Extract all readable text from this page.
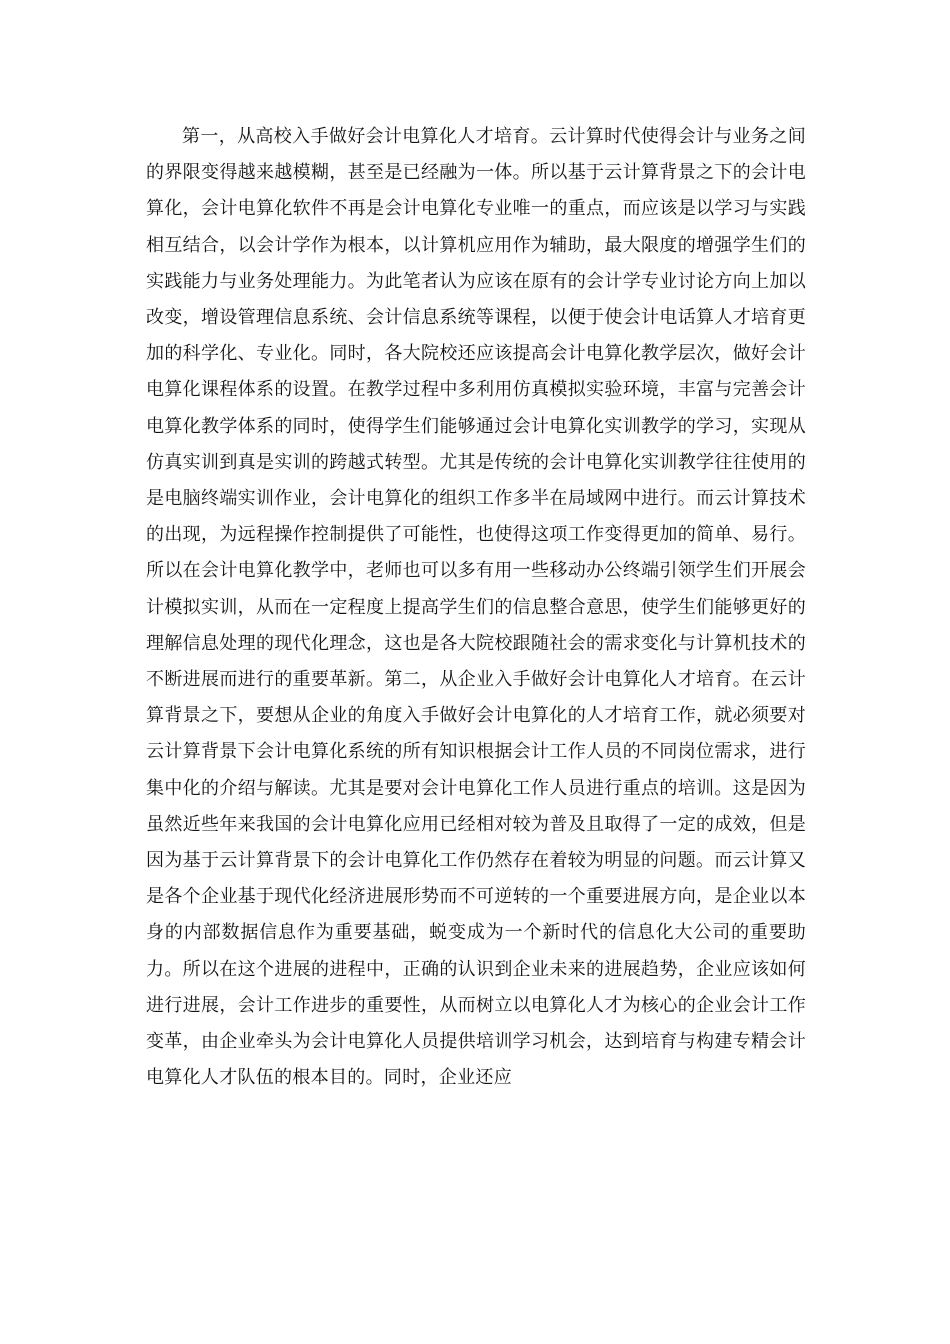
第一，从高校入手做好会计电算化人才培育。云计算时代使得会计与业务之间的界限变得越来越模糊，甚至是已经融为一体。所以基于云计算背景之下的会计电算化，会计电算化软件不再是会计电算化专业唯一的重点，而应该是以学习与实践相互结合，以会计学作为根本，以计算机应用作为辅助，最大限度的增强学生们的实践能力与业务处理能力。为此笔者认为应该在原有的会计学专业讨论方向上加以改变，增设管理信息系统、会计信息系统等课程，以便于使会计电话算人才培育更加的科学化、专业化。同时，各大院校还应该提高会计电算化教学层次，做好会计电算化课程体系的设置。在教学过程中多利用仿真模拟实验环境，丰富与完善会计电算化教学体系的同时，使得学生们能够通过会计电算化实训教学的学习，实现从仿真实训到真是实训的跨越式转型。尤其是传统的会计电算化实训教学往往使用的是电脑终端实训作业，会计电算化的组织工作多半在局域网中进行。而云计算技术的出现，为远程操作控制提供了可能性，也使得这项工作变得更加的简单、易行。所以在会计电算化教学中，老师也可以多有用一些移动办公终端引领学生们开展会计模拟实训，从而在一定程度上提高学生们的信息整合意思，使学生们能够更好的理解信息处理的现代化理念，这也是各大院校跟随社会的需求变化与计算机技术的不断进展而进行的重要革新。第二，从企业入手做好会计电算化人才培育。在云计算背景之下，要想从企业的角度入手做好会计电算化的人才培育工作，就必须要对云计算背景下会计电算化系统的所有知识根据会计工作人员的不同岗位需求，进行集中化的介绍与解读。尤其是要对会计电算化工作人员进行重点的培训。这是因为虽然近些年来我国的会计电算化应用已经相对较为普及且取得了一定的成效，但是因为基于云计算背景下的会计电算化工作仍然存在着较为明显的问题。而云计算又是各个企业基于现代化经济进展形势而不可逆转的一个重要进展方向，是企业以本身的内部数据信息作为重要基础，蜕变成为一个新时代的信息化大公司的重要助力。所以在这个进展的进程中，正确的认识到企业未来的进展趋势，企业应该如何进行进展，会计工作进步的重要性，从而树立以电算化人才为核心的企业会计工作变革，由企业牵头为会计电算化人员提供培训学习机会，达到培育与构建专精会计电算化人才队伍的根本目的。同时，企业还应
